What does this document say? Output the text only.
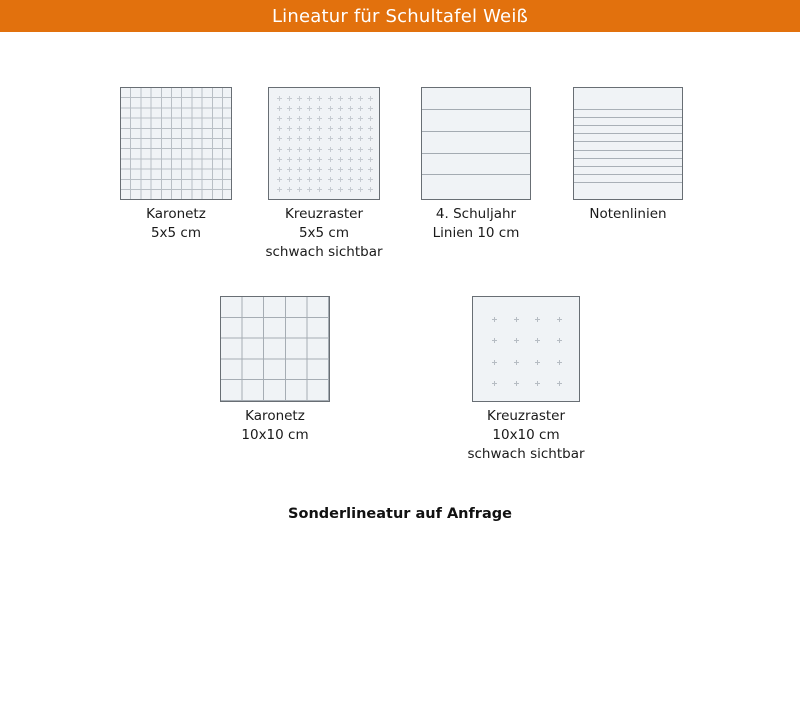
Lineatur für Schultafel Weiß
Karonetz
5x5 cm
Kreuzraster
5x5 cm
schwach sichtbar
4. Schuljahr
Linien 10 cm
Notenlinien
Karonetz
10x10 cm
Kreuzraster
10x10 cm
schwach sichtbar
Sonderlineatur auf Anfrage
